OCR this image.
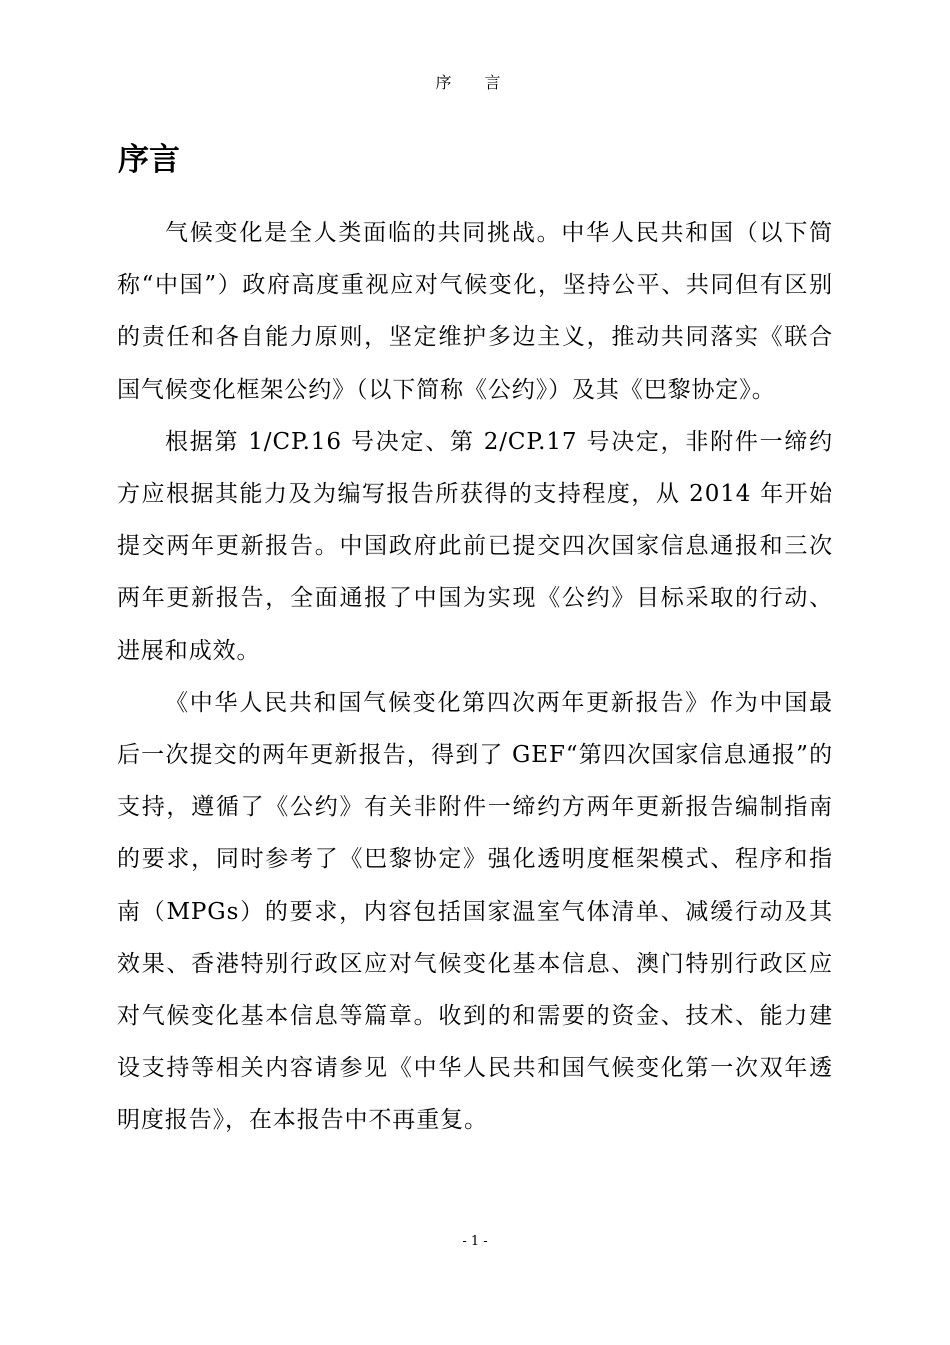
序 言
序言

气候变化是全人类面临的共同挑战。中华人民共和国（以下简称“中国”）政府高度重视应对气候变化，坚持公平、共同但有区别的责任和各自能力原则，坚定维护多边主义，推动共同落实《联合国气候变化框架公约》（以下简称《公约》）及其《巴黎协定》。

根据第 1/CP.16 号决定、第 2/CP.17 号决定，非附件一缔约方应根据其能力及为编写报告所获得的支持程度，从 2014 年开始提交两年更新报告。中国政府此前已提交四次国家信息通报和三次两年更新报告，全面通报了中国为实现《公约》目标采取的行动、进展和成效。

《中华人民共和国气候变化第四次两年更新报告》作为中国最后一次提交的两年更新报告，得到了 GEF“第四次国家信息通报”的支持，遵循了《公约》有关非附件一缔约方两年更新报告编制指南的要求，同时参考了《巴黎协定》强化透明度框架模式、程序和指南（MPGs）的要求，内容包括国家温室气体清单、减缓行动及其效果、香港特别行政区应对气候变化基本信息、澳门特别行政区应对气候变化基本信息等篇章。收到的和需要的资金、技术、能力建设支持等相关内容请参见《中华人民共和国气候变化第一次双年透明度报告》，在本报告中不再重复。

- 1 -
